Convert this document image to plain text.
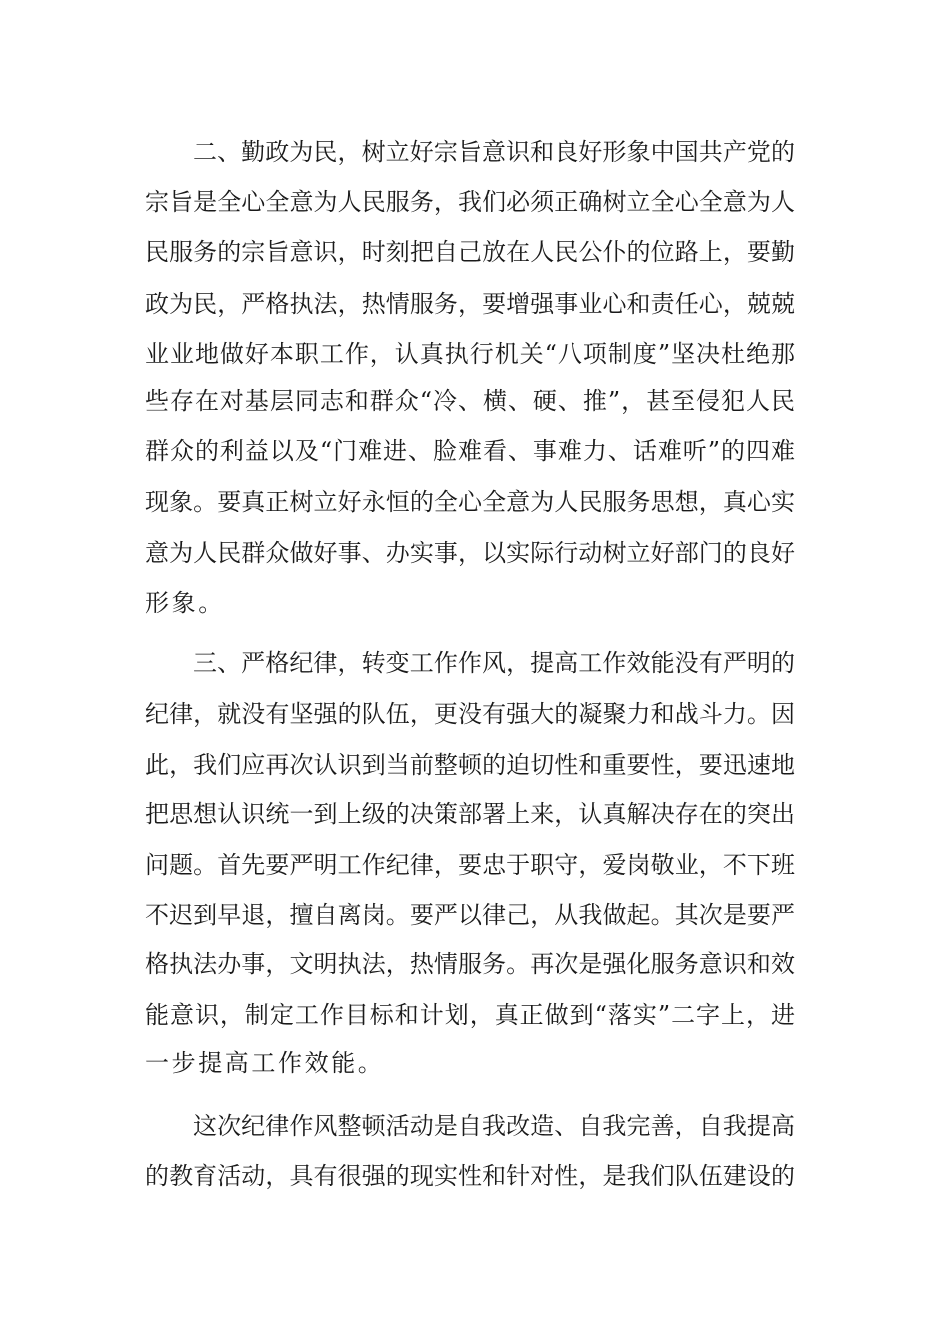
二、勤政为民，树立好宗旨意识和良好形象中国共产党的
宗旨是全心全意为人民服务，我们必须正确树立全心全意为人
民服务的宗旨意识，时刻把自己放在人民公仆的位路上，要勤
政为民，严格执法，热情服务，要增强事业心和责任心，兢兢
业业地做好本职工作，认真执行机关“八项制度”坚决杜绝那
些存在对基层同志和群众“冷、横、硬、推”，甚至侵犯人民
群众的利益以及“门难进、脸难看、事难力、话难听”的四难
现象。要真正树立好永恒的全心全意为人民服务思想，真心实
意为人民群众做好事、办实事，以实际行动树立好部门的良好
形象。
三、严格纪律，转变工作作风，提高工作效能没有严明的
纪律，就没有坚强的队伍，更没有强大的凝聚力和战斗力。因
此，我们应再次认识到当前整顿的迫切性和重要性，要迅速地
把思想认识统一到上级的决策部署上来，认真解决存在的突出
问题。首先要严明工作纪律，要忠于职守，爱岗敬业，不下班
不迟到早退，擅自离岗。要严以律己，从我做起。其次是要严
格执法办事，文明执法，热情服务。再次是强化服务意识和效
能意识，制定工作目标和计划，真正做到“落实”二字上，进
一步提高工作效能。
这次纪律作风整顿活动是自我改造、自我完善，自我提高
的教育活动，具有很强的现实性和针对性，是我们队伍建设的
